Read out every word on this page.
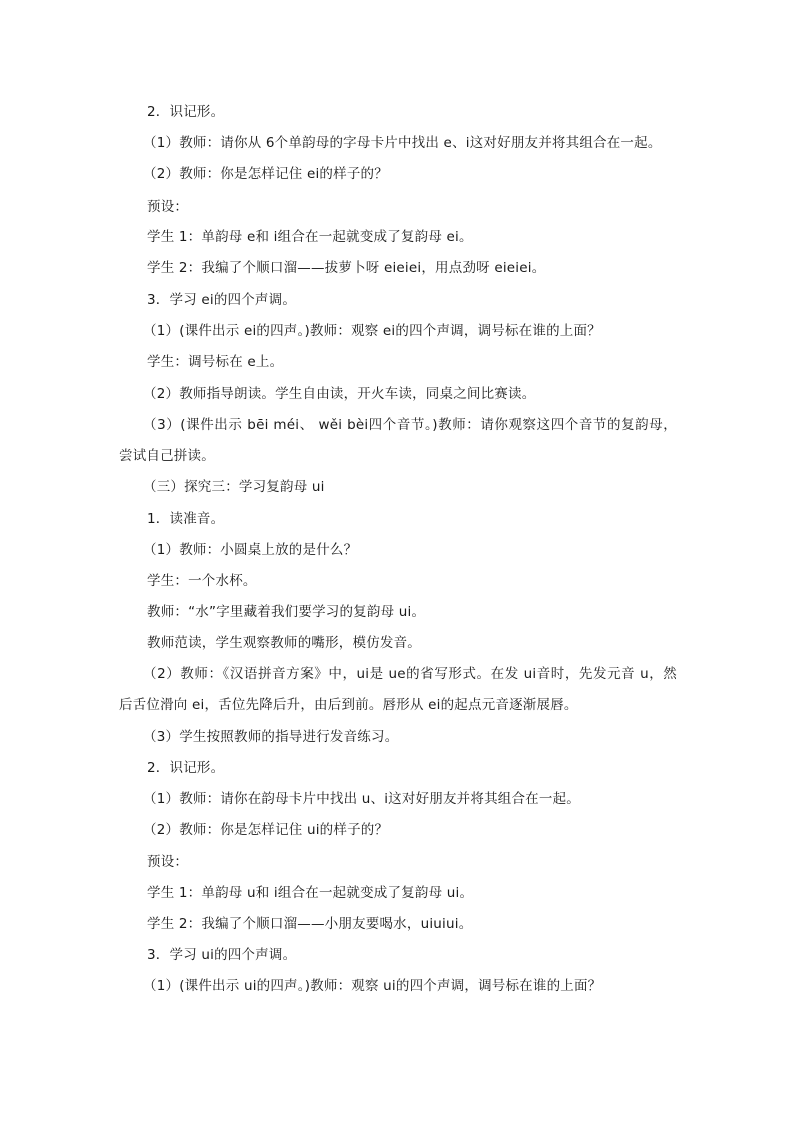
2．识记形。
（1）教师：请你从 6个单韵母的字母卡片中找出 e、i这对好朋友并将其组合在一起。
（2）教师：你是怎样记住 ei的样子的？
预设：
学生 1：单韵母 e和 i组合在一起就变成了复韵母 ei。
学生 2：我编了个顺口溜——拔萝卜呀 eieiei，用点劲呀 eieiei。
3．学习 ei的四个声调。
（1）(课件出示 ei的四声。)教师：观察 ei的四个声调，调号标在谁的上面？
学生：调号标在 e上。
（2）教师指导朗读。学生自由读，开火车读，同桌之间比赛读。
（3）(课件出示 bēi méi、 wěi bèi四个音节。)教师：请你观察这四个音节的复韵母，
尝试自己拼读。
（三）探究三：学习复韵母 ui
1．读准音。
（1）教师：小圆桌上放的是什么？
学生：一个水杯。
教师：“水”字里藏着我们要学习的复韵母 ui。
教师范读，学生观察教师的嘴形，模仿发音。
（2）教师：《汉语拼音方案》中，ui是 ue的省写形式。在发 ui音时，先发元音 u，然
后舌位滑向 ei，舌位先降后升，由后到前。唇形从 ei的起点元音逐渐展唇。
（3）学生按照教师的指导进行发音练习。
2．识记形。
（1）教师：请你在韵母卡片中找出 u、i这对好朋友并将其组合在一起。
（2）教师：你是怎样记住 ui的样子的？
预设：
学生 1：单韵母 u和 i组合在一起就变成了复韵母 ui。
学生 2：我编了个顺口溜——小朋友要喝水，uiuiui。
3．学习 ui的四个声调。
（1）(课件出示 ui的四声。)教师：观察 ui的四个声调，调号标在谁的上面？
